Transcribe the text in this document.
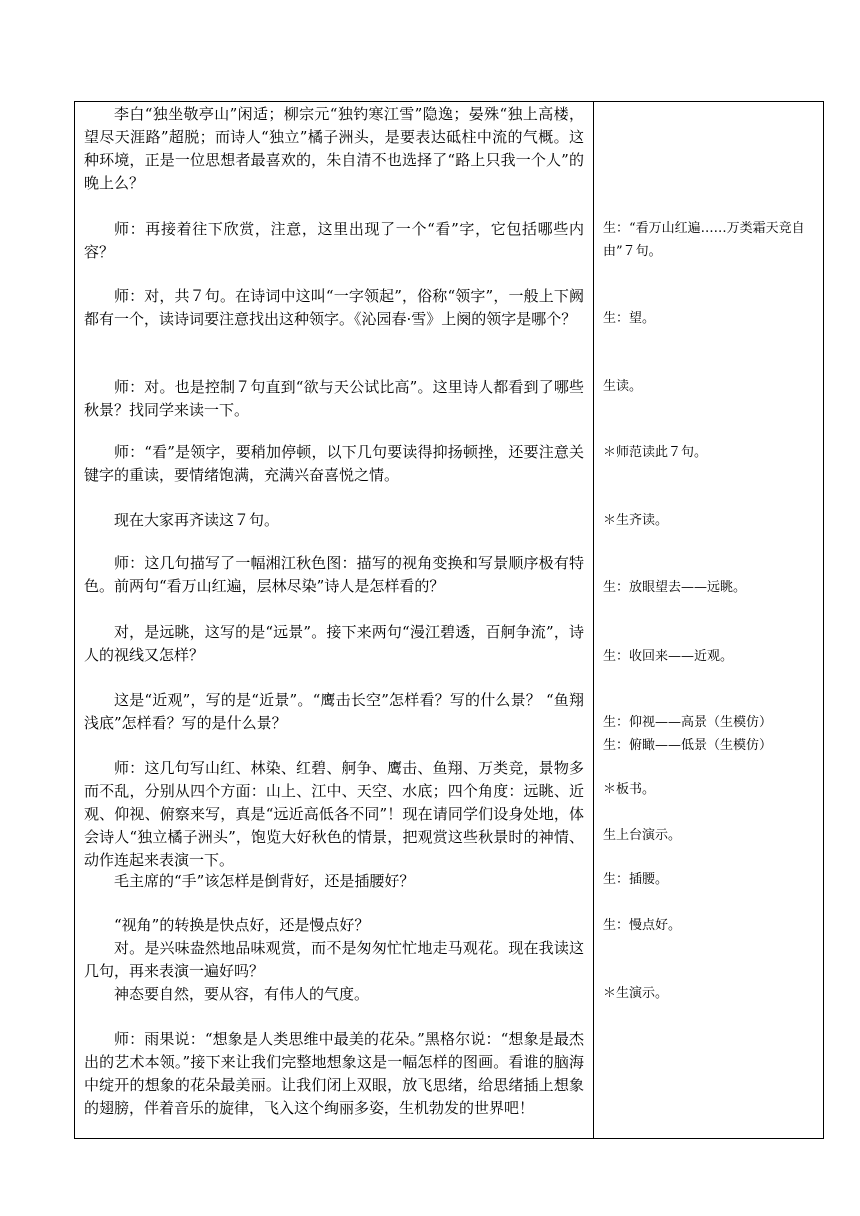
李白“独坐敬亭山”闲适；柳宗元“独钓寒江雪”隐逸；晏殊“独上高楼，望尽天涯路”超脱；而诗人“独立”橘子洲头，是要表达砥柱中流的气概。这种环境，正是一位思想者最喜欢的，朱自清不也选择了“路上只我一个人”的晚上么？

师：再接着往下欣赏，注意，这里出现了一个“看”字，它包括哪些内容？

师：对，共７句。在诗词中这叫“一字领起”，俗称“领字”，一般上下阙都有一个，读诗词要注意找出这种领字。《沁园春·雪》上阕的领字是哪个？

师：对。也是控制７句直到“欲与天公试比高”。这里诗人都看到了哪些秋景？找同学来读一下。

师：“看”是领字，要稍加停顿，以下几句要读得抑扬顿挫，还要注意关键字的重读，要情绪饱满，充满兴奋喜悦之情。

现在大家再齐读这７句。

师：这几句描写了一幅湘江秋色图：描写的视角变换和写景顺序极有特色。前两句“看万山红遍，层林尽染”诗人是怎样看的？

对，是远眺，这写的是“远景”。接下来两句“漫江碧透，百舸争流”，诗人的视线又怎样？

这是“近观”，写的是“近景”。“鹰击长空”怎样看？写的什么景？ “鱼翔浅底”怎样看？写的是什么景？

师：这几句写山红、林染、红碧、舸争、鹰击、鱼翔、万类竞，景物多而不乱，分别从四个方面：山上、江中、天空、水底；四个角度：远眺、近观、仰视、俯察来写，真是“远近高低各不同”！现在请同学们设身处地，体会诗人“独立橘子洲头”，饱览大好秋色的情景，把观赏这些秋景时的神情、动作连起来表演一下。

毛主席的“手”该怎样是倒背好，还是插腰好？

“视角”的转换是快点好，还是慢点好？

对。是兴味盎然地品味观赏，而不是匆匆忙忙地走马观花。现在我读这几句，再来表演一遍好吗？

神态要自然，要从容，有伟人的气度。

师：雨果说：“想象是人类思维中最美的花朵。”黑格尔说：“想象是最杰出的艺术本领。”接下来让我们完整地想象这是一幅怎样的图画。看谁的脑海中绽开的想象的花朵最美丽。让我们闭上双眼，放飞思绪，给思绪插上想象的翅膀，伴着音乐的旋律，飞入这个绚丽多姿，生机勃发的世界吧！

生：“看万山红遍……万类霜天竞自由”７句。

生：望。

生读。

＊师范读此７句。

＊生齐读。

生：放眼望去——远眺。

生：收回来——近观。

生：仰视——高景（生模仿）

生：俯瞰——低景（生模仿）

＊板书。

生上台演示。

生：插腰。

生：慢点好。

＊生演示。
